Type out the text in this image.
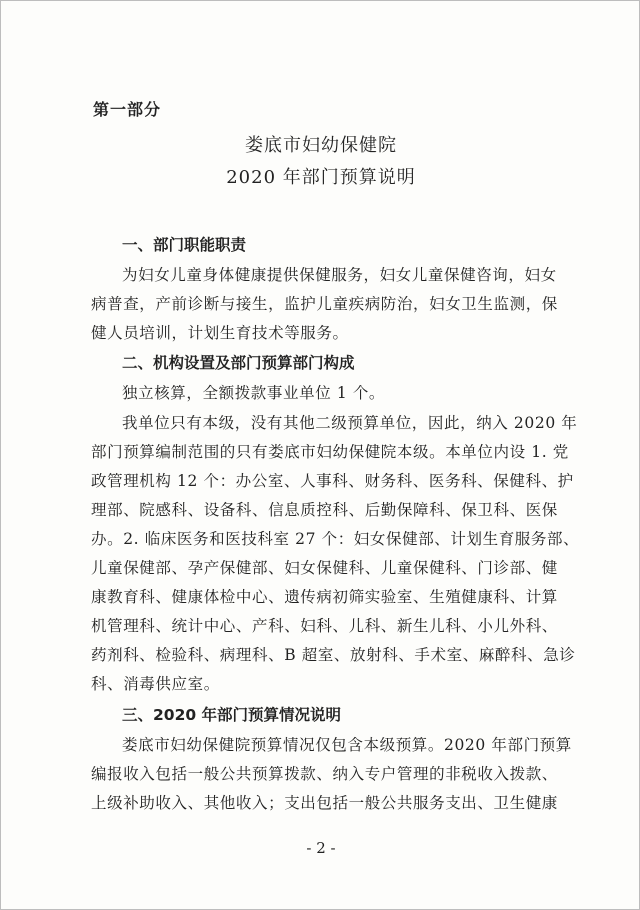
第一部分
娄底市妇幼保健院
2020 年部门预算说明
一、部门职能职责
为妇女儿童身体健康提供保健服务，妇女儿童保健咨询，妇女
病普查，产前诊断与接生，监护儿童疾病防治，妇女卫生监测，保
健人员培训，计划生育技术等服务。
二、机构设置及部门预算部门构成
独立核算，全额拨款事业单位 1 个。
我单位只有本级，没有其他二级预算单位，因此，纳入 2020 年
部门预算编制范围的只有娄底市妇幼保健院本级。本单位内设 1. 党
政管理机构 12 个：办公室、人事科、财务科、医务科、保健科、护
理部、院感科、设备科、信息质控科、后勤保障科、保卫科、医保
办。2. 临床医务和医技科室 27 个：妇女保健部、计划生育服务部、
儿童保健部、孕产保健部、妇女保健科、儿童保健科、门诊部、健
康教育科、健康体检中心、遗传病初筛实验室、生殖健康科、计算
机管理科、统计中心、产科、妇科、儿科、新生儿科、小儿外科、
药剂科、检验科、病理科、B 超室、放射科、手术室、麻醉科、急诊
科、消毒供应室。
三、2020 年部门预算情况说明
娄底市妇幼保健院预算情况仅包含本级预算。2020 年部门预算
编报收入包括一般公共预算拨款、纳入专户管理的非税收入拨款、
上级补助收入、其他收入；支出包括一般公共服务支出、卫生健康
- 2 -
